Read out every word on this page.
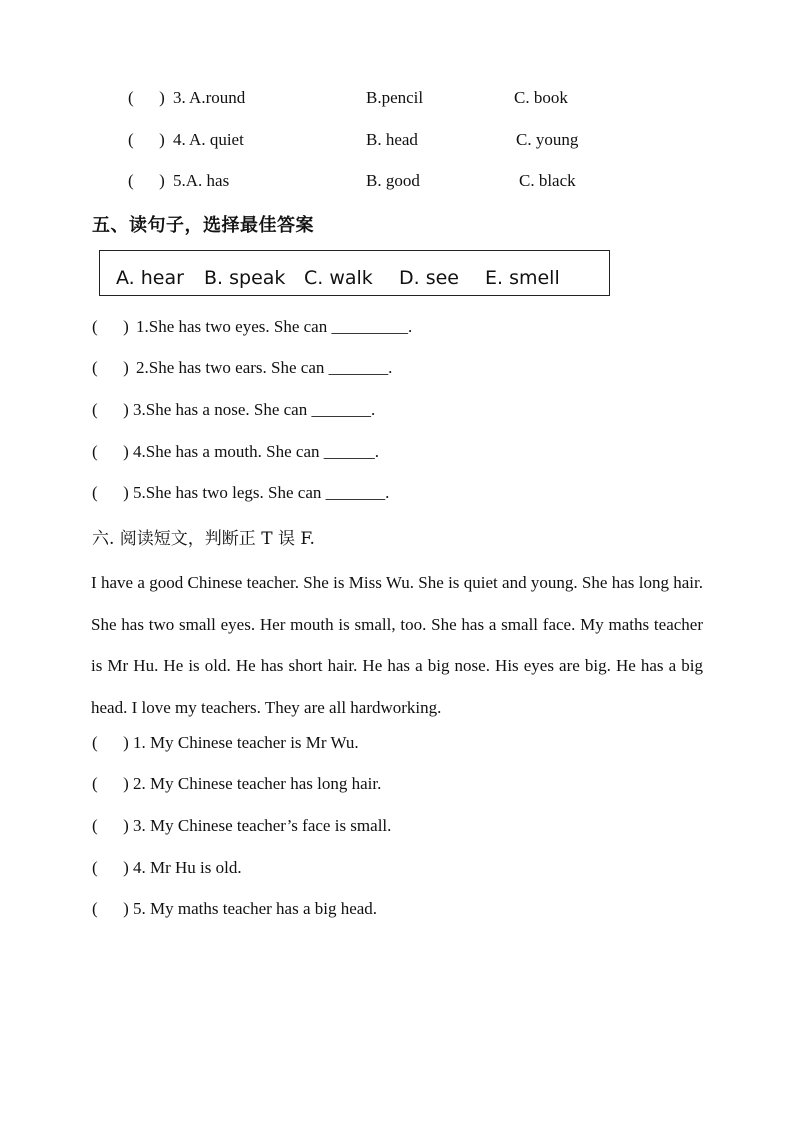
(      ) 3. A.round	B.pencil	C. book
(      ) 4. A. quiet	B. head	C. young
(      ) 5.A. has	B. good	C. black
五、读句子，选择最佳答案
A. hear B. speak C. walk D. see E. smell
(      ) 1.She has two eyes. She can _________.
(      ) 2.She has two ears. She can _______.
(      ) 3.She has a nose. She can _______.
(      ) 4.She has a mouth. She can ______.
(      ) 5.She has two legs. She can _______.
六. 阅读短文，判断正 T 误 F.
I have a good Chinese teacher. She is Miss Wu. She is quiet and young. She has long hair. She has two small eyes. Her mouth is small, too. She has a small face. My maths teacher is Mr Hu. He is old. He has short hair. He has a big nose. His eyes are big. He has a big head. I love my teachers. They are all hardworking.
(      ) 1. My Chinese teacher is Mr Wu.
(      ) 2. My Chinese teacher has long hair.
(      ) 3. My Chinese teacher’s face is small.
(      ) 4. Mr Hu is old.
(      ) 5. My maths teacher has a big head.
